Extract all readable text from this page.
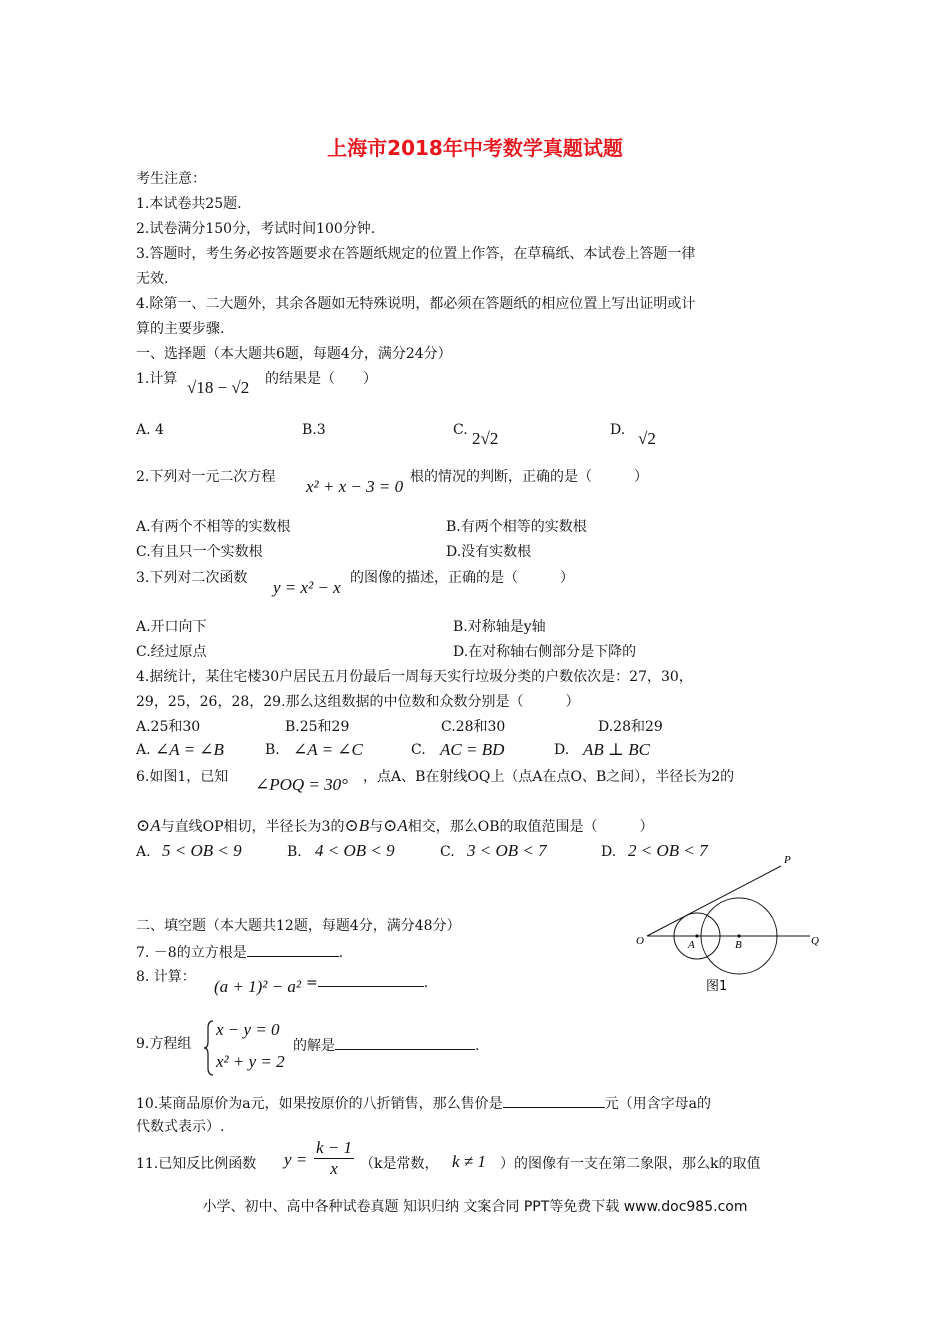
上海市2018年中考数学真题试题
考生注意：
1.本试卷共25题.
2.试卷满分150分，考试时间100分钟.
3.答题时，考生务必按答题要求在答题纸规定的位置上作答，在草稿纸、本试卷上答题一律
无效.
4.除第一、二大题外，其余各题如无特殊说明，都必须在答题纸的相应位置上写出证明或计
算的主要步骤.
一、选择题（本大题共6题，每题4分，满分24分）
1.计算 √18 − √2 的结果是（　　）
A. 4	B.3	C. 2√2	D. √2
2.下列对一元二次方程 x² + x − 3 = 0 根的情况的判断，正确的是（　　　）
A.有两个不相等的实数根	B.有两个相等的实数根
C.有且只一个实数根	D.没有实数根
3.下列对二次函数 y = x² − x 的图像的描述，正确的是（　　　）
A.开口向下	B.对称轴是y轴
C.经过原点	D.在对称轴右侧部分是下降的
4.据统计，某住宅楼30户居民五月份最后一周每天实行垃圾分类的户数依次是：27，30，
29，25，26，28，29.那么这组数据的中位数和众数分别是（　　　）
A.25和30	B.25和29	C.28和30	D.28和29
A. ∠A = ∠B	B. ∠A = ∠C	C. AC = BD	D. AB ⊥ BC
6.如图1，已知 ∠POQ = 30° ，点A、B在射线OQ上（点A在点O、B之间），半径长为2的
⊙A与直线OP相切，半径长为3的⊙B与⊙A相交，那么OB的取值范围是（　　　）
A. 5 < OB < 9	B. 4 < OB < 9	C. 3 < OB < 7	D. 2 < OB < 7	P
O	A	B	Q
图1
二、填空题（本大题共12题，每题4分，满分48分）
7. －8的立方根是	.
8. 计算： (a + 1)² − a² =	.
9.方程组
x − y = 0
x² + y = 2
的解是	.
10.某商品原价为a元，如果按原价的八折销售，那么售价是	元（用含字母a的
代数式表示）.
11.已知反比例函数 $y = \frac{k - 1}{x} (k$是常数， k ≠ 1 ）的图像有一支在第二象限，那么k的取值
小学、初中、高中各种试卷真题 知识归纳 文案合同 PPT等免费下载 www.doc985.com
